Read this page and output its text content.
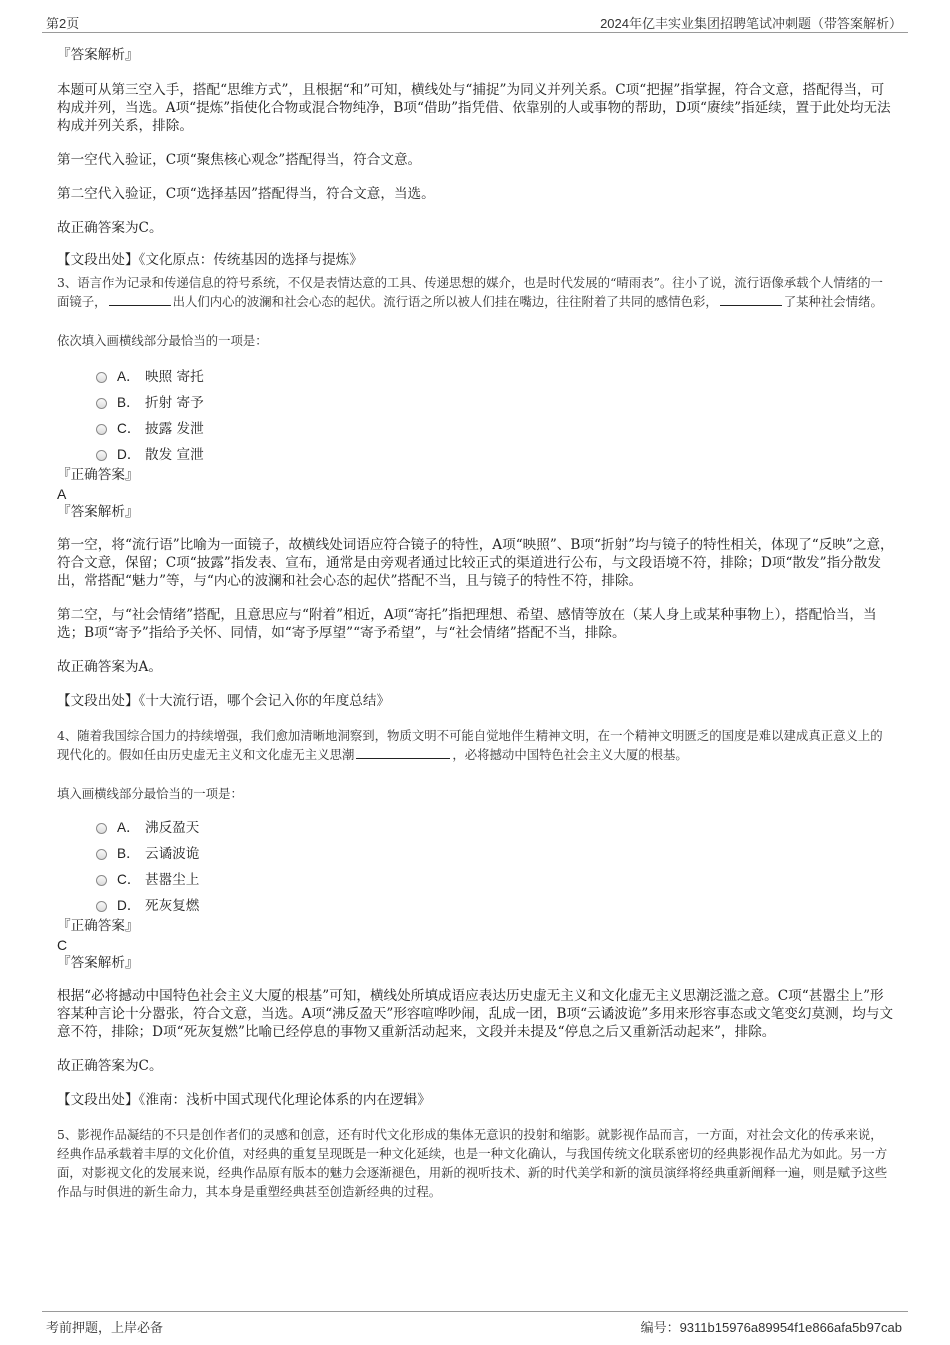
第2页	2024年亿丰实业集团招聘笔试冲刺题（带答案解析）
『答案解析』

本题可从第三空入手，搭配“思维方式”，且根据“和”可知，横线处与“捕捉”为同义并列关系。C项“把握”指掌握，符合文意，搭配得当，可构成并列，当选。A项“提炼”指使化合物或混合物纯净，B项“借助”指凭借、依靠别的人或事物的帮助，D项“赓续”指延续，置于此处均无法构成并列关系，排除。

第一空代入验证，C项“聚焦核心观念”搭配得当，符合文意。

第二空代入验证，C项“选择基因”搭配得当，符合文意，当选。

故正确答案为C。

【文段出处】《文化原点：传统基因的选择与提炼》

3、语言作为记录和传递信息的符号系统，不仅是表情达意的工具、传递思想的媒介，也是时代发展的“晴雨表”。往小了说，流行语像承载个人情绪的一面镜子，	出人们内心的波澜和社会心态的起伏。流行语之所以被人们挂在嘴边，往往附着了共同的感情色彩，	了某种社会情绪。

依次填入画横线部分最恰当的一项是：

A． 映照 寄托
B． 折射 寄予
C． 披露 发泄
D． 散发 宣泄
『正确答案』
A
『答案解析』

第一空，将“流行语”比喻为一面镜子，故横线处词语应符合镜子的特性，A项“映照”、B项“折射”均与镜子的特性相关，体现了“反映”之意，符合文意，保留；C项“披露”指发表、宣布，通常是由旁观者通过比较正式的渠道进行公布，与文段语境不符，排除；D项“散发”指分散发出，常搭配“魅力”等，与“内心的波澜和社会心态的起伏”搭配不当，且与镜子的特性不符，排除。

第二空，与“社会情绪”搭配，且意思应与“附着”相近，A项“寄托”指把理想、希望、感情等放在（某人身上或某种事物上），搭配恰当，当选；B项“寄予”指给予关怀、同情，如“寄予厚望”“寄予希望”，与“社会情绪”搭配不当，排除。

故正确答案为A。

【文段出处】《十大流行语，哪个会记入你的年度总结》

4、随着我国综合国力的持续增强，我们愈加清晰地洞察到，物质文明不可能自觉地伴生精神文明，在一个精神文明匮乏的国度是难以建成真正意义上的现代化的。假如任由历史虚无主义和文化虚无主义思潮	，必将撼动中国特色社会主义大厦的根基。

填入画横线部分最恰当的一项是：

A． 沸反盈天
B． 云谲波诡
C． 甚嚣尘上
D． 死灰复燃
『正确答案』
C
『答案解析』

根据“必将撼动中国特色社会主义大厦的根基”可知，横线处所填成语应表达历史虚无主义和文化虚无主义思潮泛滥之意。C项“甚嚣尘上”形容某种言论十分嚣张，符合文意，当选。A项“沸反盈天”形容喧哗吵闹，乱成一团，B项“云谲波诡”多用来形容事态或文笔变幻莫测，均与文意不符，排除；D项“死灰复燃”比喻已经停息的事物又重新活动起来，文段并未提及“停息之后又重新活动起来”，排除。

故正确答案为C。

【文段出处】《淮南：浅析中国式现代化理论体系的内在逻辑》

5、影视作品凝结的不只是创作者们的灵感和创意，还有时代文化形成的集体无意识的投射和缩影。就影视作品而言，一方面，对社会文化的传承来说，经典作品承载着丰厚的文化价值，对经典的重复呈现既是一种文化延续，也是一种文化确认，与我国传统文化联系密切的经典影视作品尤为如此。另一方面，对影视文化的发展来说，经典作品原有版本的魅力会逐渐褪色，用新的视听技术、新的时代美学和新的演员演绎将经典重新阐释一遍，则是赋予这些作品与时俱进的新生命力，其本身是重塑经典甚至创造新经典的过程。

考前押题，上岸必备	编号：9311b15976a89954f1e866afa5b97cab
